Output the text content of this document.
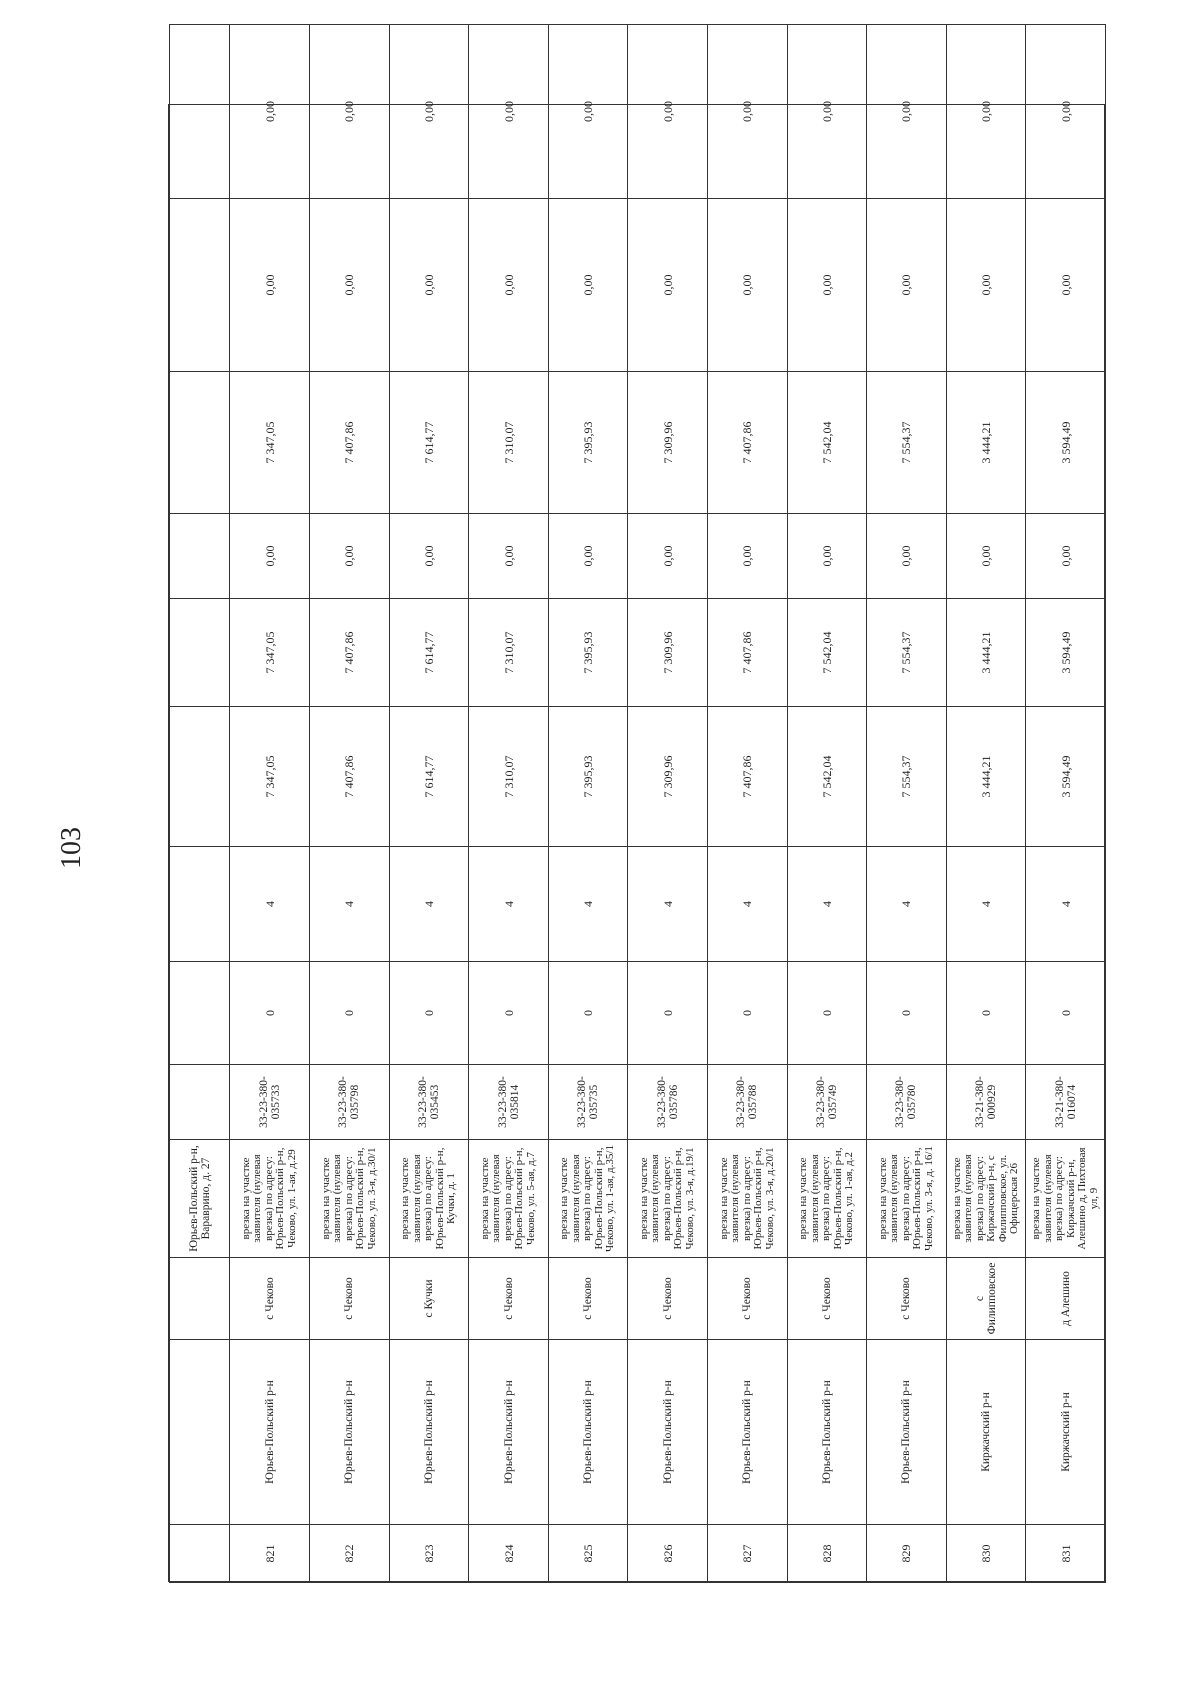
103
			Юрьев-Польский р-н, Вараврино, д. 27									
821	Юрьев-Польский р-н	с Чеково	врезка на участке заявителя (нулевая врезка) по адресу: Юрьев-Польский р-н, Чеково, ул. 1-ая, д.29	33-23-380-035733	0	4	7 347,05	7 347,05	0,00	7 347,05	0,00	0,00
822	Юрьев-Польский р-н	с Чеково	врезка на участке заявителя (нулевая врезка) по адресу: Юрьев-Польский р-н, Чеково, ул. 3-я, д.30/1	33-23-380-035798	0	4	7 407,86	7 407,86	0,00	7 407,86	0,00	0,00
823	Юрьев-Польский р-н	с Кучки	врезка на участке заявителя (нулевая врезка) по адресу: Юрьев-Польский р-н, Кучки, д. 1	33-23-380-035453	0	4	7 614,77	7 614,77	0,00	7 614,77	0,00	0,00
824	Юрьев-Польский р-н	с Чеково	врезка на участке заявителя (нулевая врезка) по адресу: Юрьев-Польский р-н, Чеково, ул. 5-ая, д.7	33-23-380-035814	0	4	7 310,07	7 310,07	0,00	7 310,07	0,00	0,00
825	Юрьев-Польский р-н	с Чеково	врезка на участке заявителя (нулевая врезка) по адресу: Юрьев-Польский р-н, Чеково, ул. 1-ая, д.35/1	33-23-380-035735	0	4	7 395,93	7 395,93	0,00	7 395,93	0,00	0,00
826	Юрьев-Польский р-н	с Чеково	врезка на участке заявителя (нулевая врезка) по адресу: Юрьев-Польский р-н, Чеково, ул. 3-я, д.19/1	33-23-380-035786	0	4	7 309,96	7 309,96	0,00	7 309,96	0,00	0,00
827	Юрьев-Польский р-н	с Чеково	врезка на участке заявителя (нулевая врезка) по адресу: Юрьев-Польский р-н, Чеково, ул. 3-я, д.20/1	33-23-380-035788	0	4	7 407,86	7 407,86	0,00	7 407,86	0,00	0,00
828	Юрьев-Польский р-н	с Чеково	врезка на участке заявителя (нулевая врезка) по адресу: Юрьев-Польский р-н, Чеково, ул. 1-ая, д.2	33-23-380-035749	0	4	7 542,04	7 542,04	0,00	7 542,04	0,00	0,00
829	Юрьев-Польский р-н	с Чеково	врезка на участке заявителя (нулевая врезка) по адресу: Юрьев-Польский р-н, Чеково, ул. 3-я, д. 16/1	33-23-380-035780	0	4	7 554,37	7 554,37	0,00	7 554,37	0,00	0,00
830	Киржачский р-н	с Филипповское	врезка на участке заявителя (нулевая врезка) по адресу: Киржачский р-н, с Филипповское, ул. Офицерская 26	33-21-380-000929	0	4	3 444,21	3 444,21	0,00	3 444,21	0,00	0,00
831	Киржачский р-н	д Алешино	врезка на участке заявителя (нулевая врезка) по адресу: Киржачский р-н, Алешино д, Пихтовая ул, 9	33-21-380-016074	0	4	3 594,49	3 594,49	0,00	3 594,49	0,00	0,00
